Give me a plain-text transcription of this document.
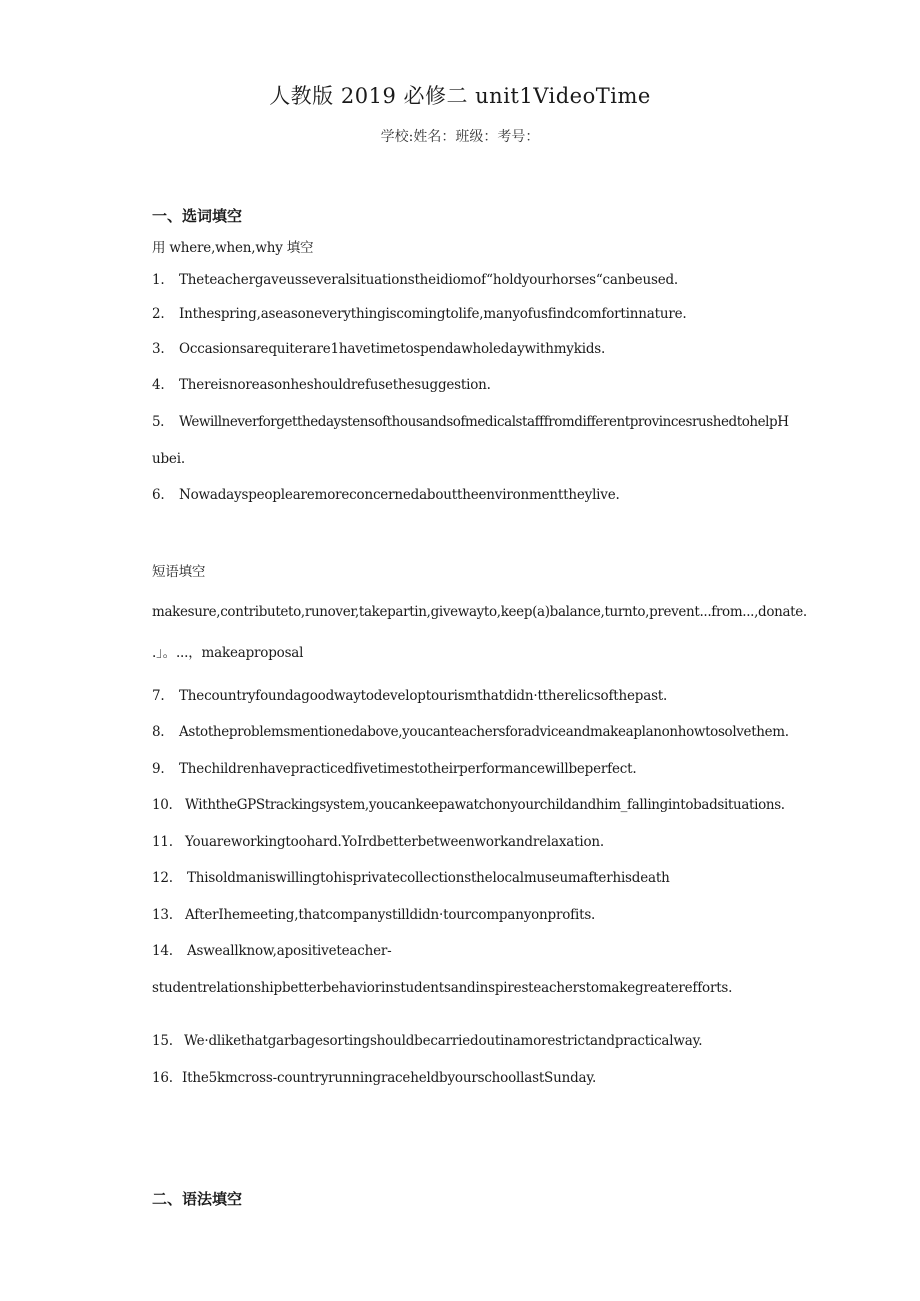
人教版 2019 必修二 unit1VideoTime
学校:姓名：班级：考号：
一、选词填空
用 where,when,why 填空
1. Theteachergaveusseveralsituationstheidiomof“holdyourhorses“canbeused.
2. Inthespring,aseasoneverythingiscomingtolife,manyofusfindcomfortinnature.
3. Occasionsarequiterare1havetimetospendawholedaywithmykids.
4. Thereisnoreasonheshouldrefusethesuggestion.
5. WewillneverforgetthedaystensofthousandsofmedicalstafffromdifferentprovincesrushedtohelpH
ubei.
6. Nowadayspeoplearemoreconcernedabouttheenvironmenttheylive.
短语填空
makesure,contributeto,runover,takepartin,givewayto,keep(a)balance,turnto,prevent...from...,donate.
.」。...，makeaproposal
7. Thecountryfoundagoodwaytodeveloptourismthatdidn·ttherelicsofthepast.
8. Astotheproblemsmentionedabove,youcanteachersforadviceandmakeaplanonhowtosolvethem.
9. Thechildrenhavepracticedfivetimestotheirperformancewillbeperfect.
10. WiththeGPStrackingsystem,youcankeepawatchonyourchildandhim_fallingintobadsituations.
11. Youareworkingtoohard.YoIrdbetterbetweenworkandrelaxation.
12. Thisoldmaniswillingtohisprivatecollectionsthelocalmuseumafterhisdeath
13. AfterIhemeeting,thatcompanystilldidn·tourcompanyonprofits.
14. Asweallknow,apositiveteacher-
studentrelationshipbetterbehaviorinstudentsandinspiresteacherstomakegreaterefforts.
15. We·dlikethatgarbagesortingshouldbecarriedoutinamorestrictandpracticalway.
16. Ithe5kmcross-countryrunningraceheldbyourschoollastSunday.
二、语法填空
